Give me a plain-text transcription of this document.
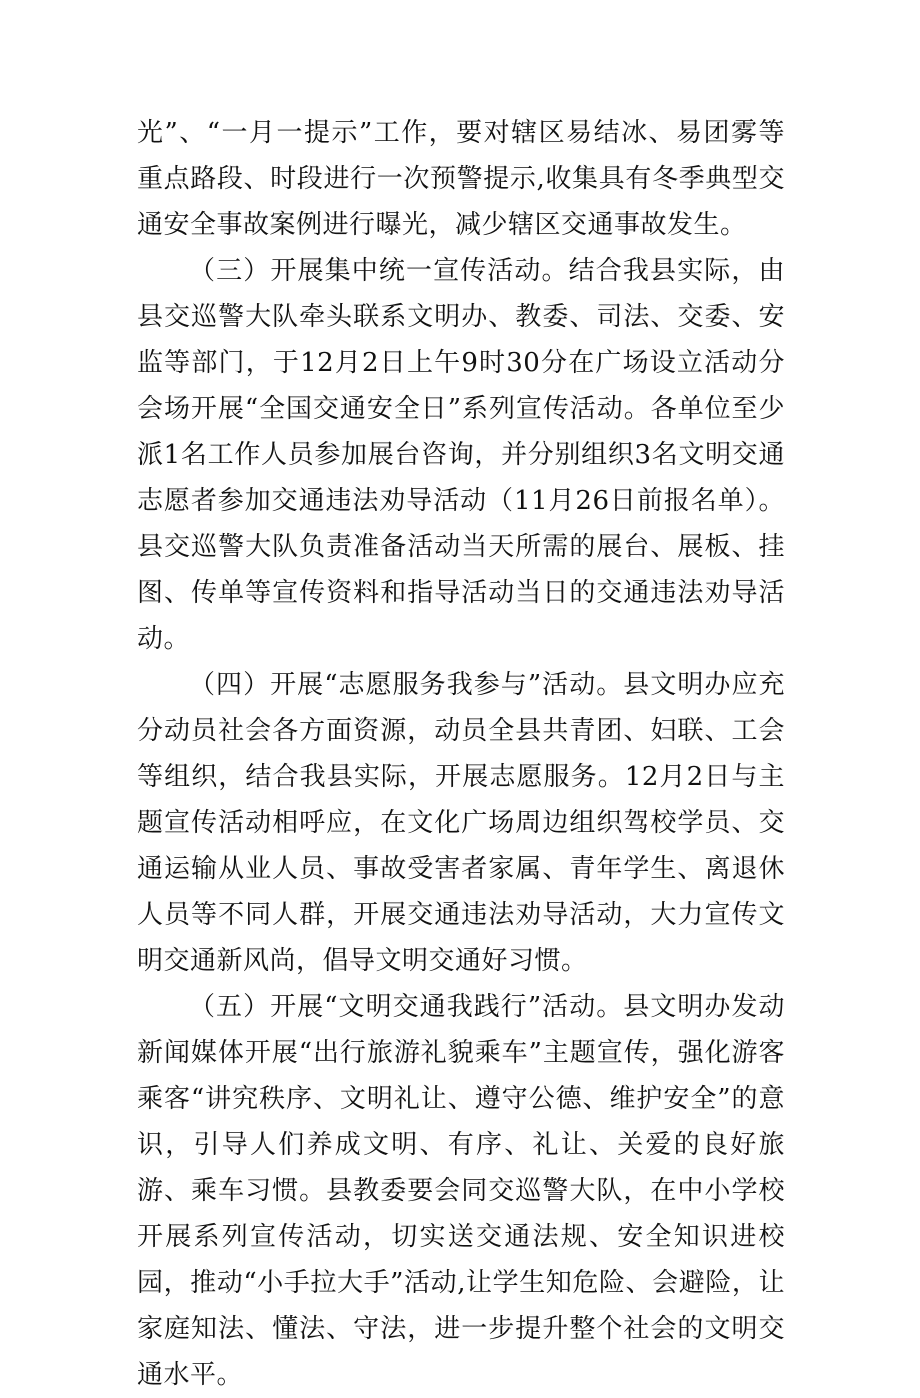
光”、“一月一提示”工作，要对辖区易结冰、易团雾等重点路段、时段进行一次预警提示,收集具有冬季典型交通安全事故案例进行曝光，减少辖区交通事故发生。

（三）开展集中统一宣传活动。结合我县实际，由县交巡警大队牵头联系文明办、教委、司法、交委、安监等部门，于12月2日上午9时30分在广场设立活动分会场开展“全国交通安全日”系列宣传活动。各单位至少派1名工作人员参加展台咨询，并分别组织3名文明交通志愿者参加交通违法劝导活动（11月26日前报名单）。县交巡警大队负责准备活动当天所需的展台、展板、挂图、传单等宣传资料和指导活动当日的交通违法劝导活动。

（四）开展“志愿服务我参与”活动。县文明办应充分动员社会各方面资源，动员全县共青团、妇联、工会等组织，结合我县实际，开展志愿服务。12月2日与主题宣传活动相呼应，在文化广场周边组织驾校学员、交通运输从业人员、事故受害者家属、青年学生、离退休人员等不同人群，开展交通违法劝导活动，大力宣传文明交通新风尚，倡导文明交通好习惯。

（五）开展“文明交通我践行”活动。县文明办发动新闻媒体开展“出行旅游礼貌乘车”主题宣传，强化游客乘客“讲究秩序、文明礼让、遵守公德、维护安全”的意识，引导人们养成文明、有序、礼让、关爱的良好旅游、乘车习惯。县教委要会同交巡警大队，在中小学校开展系列宣传活动，切实送交通法规、安全知识进校园，推动“小手拉大手”活动,让学生知危险、会避险，让家庭知法、懂法、守法，进一步提升整个社会的文明交通水平。
